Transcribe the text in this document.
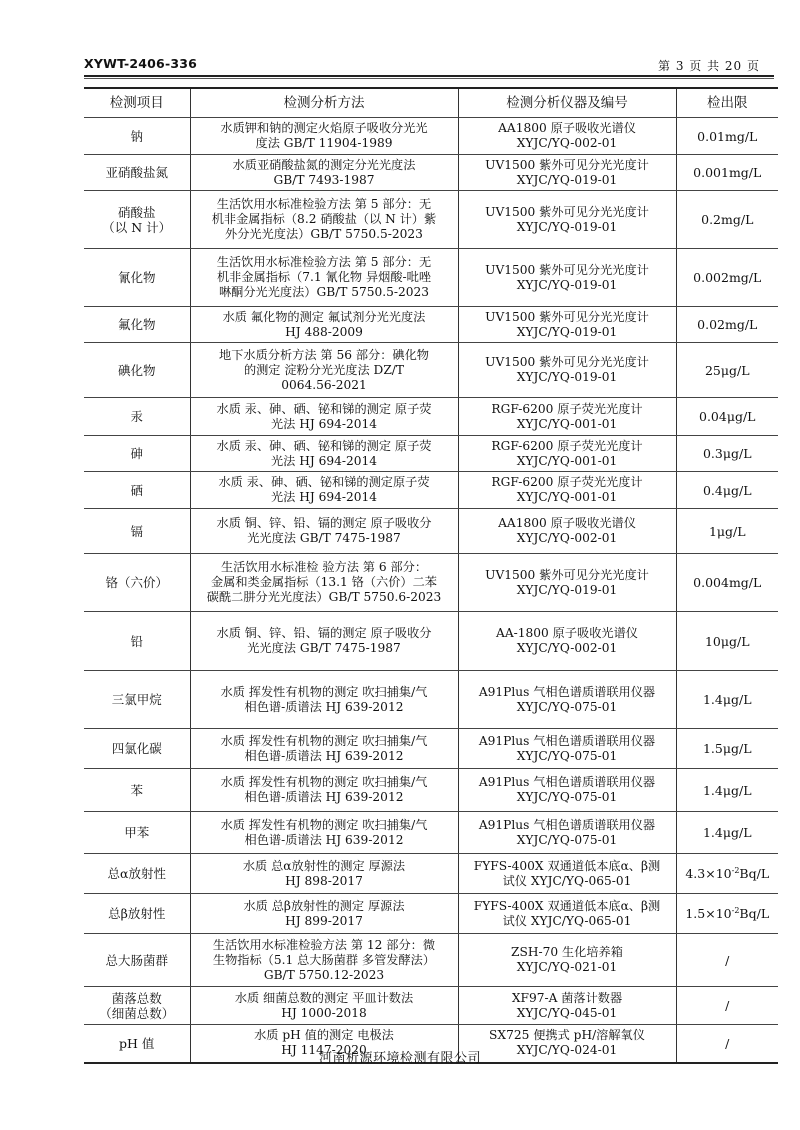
XYWT-2406-336	第 3 页 共 20 页
检测项目	检测分析方法	检测分析仪器及编号	检出限

钠	水质钾和钠的测定火焰原子吸收分光光
度法 GB/T 11904-1989	AA1800 原子吸收光谱仪
XYJC/YQ-002-01	0.01mg/L

亚硝酸盐氮	水质亚硝酸盐氮的测定分光光度法
GB/T 7493-1987	UV1500 紫外可见分光光度计
XYJC/YQ-019-01	0.001mg/L

硝酸盐
（以 N 计）	生活饮用水标准检验方法 第 5 部分：无
机非金属指标（8.2 硝酸盐（以 N 计）紫
外分光光度法）GB/T 5750.5-2023	UV1500 紫外可见分光光度计
XYJC/YQ-019-01	0.2mg/L

氰化物	生活饮用水标准检验方法 第 5 部分：无
机非金属指标（7.1 氰化物 异烟酸-吡唑
啉酮分光光度法）GB/T 5750.5-2023	UV1500 紫外可见分光光度计
XYJC/YQ-019-01	0.002mg/L

氟化物	水质 氟化物的测定 氟试剂分光光度法
HJ 488-2009	UV1500 紫外可见分光光度计
XYJC/YQ-019-01	0.02mg/L

碘化物	地下水质分析方法 第 56 部分：碘化物
的测定 淀粉分光光度法 DZ/T
0064.56-2021	UV1500 紫外可见分光光度计
XYJC/YQ-019-01	25μg/L

汞	水质 汞、砷、硒、铋和锑的测定 原子荧
光法 HJ 694-2014	RGF-6200 原子荧光光度计
XYJC/YQ-001-01	0.04μg/L

砷	水质 汞、砷、硒、铋和锑的测定 原子荧
光法 HJ 694-2014	RGF-6200 原子荧光光度计
XYJC/YQ-001-01	0.3μg/L

硒	水质 汞、砷、硒、铋和锑的测定原子荧
光法 HJ 694-2014	RGF-6200 原子荧光光度计
XYJC/YQ-001-01	0.4μg/L

镉	水质 铜、锌、铅、镉的测定 原子吸收分
光光度法 GB/T 7475-1987	AA1800 原子吸收光谱仪
XYJC/YQ-002-01	1μg/L

铬（六价）	生活饮用水标准检 验方法 第 6 部分：
金属和类金属指标（13.1 铬（六价）二苯
碳酰二肼分光光度法）GB/T 5750.6-2023	UV1500 紫外可见分光光度计
XYJC/YQ-019-01	0.004mg/L

铅	水质 铜、锌、铅、镉的测定 原子吸收分
光光度法 GB/T 7475-1987	AA-1800 原子吸收光谱仪
XYJC/YQ-002-01	10μg/L

三氯甲烷	水质 挥发性有机物的测定 吹扫捕集/气
相色谱-质谱法 HJ 639-2012	A91Plus 气相色谱质谱联用仪器
XYJC/YQ-075-01	1.4μg/L

四氯化碳	水质 挥发性有机物的测定 吹扫捕集/气
相色谱-质谱法 HJ 639-2012	A91Plus 气相色谱质谱联用仪器
XYJC/YQ-075-01	1.5μg/L

苯	水质 挥发性有机物的测定 吹扫捕集/气
相色谱-质谱法 HJ 639-2012	A91Plus 气相色谱质谱联用仪器
XYJC/YQ-075-01	1.4μg/L

甲苯	水质 挥发性有机物的测定 吹扫捕集/气
相色谱-质谱法 HJ 639-2012	A91Plus 气相色谱质谱联用仪器
XYJC/YQ-075-01	1.4μg/L

总α放射性	水质 总α放射性的测定 厚源法
HJ 898-2017	FYFS-400X 双通道低本底α、β测
试仪 XYJC/YQ-065-01	$4.3\times 10^{-2}Bq/L$

总β放射性	水质 总β放射性的测定 厚源法
HJ 899-2017	FYFS-400X 双通道低本底α、β测
试仪 XYJC/YQ-065-01	$1.5\times 10^{-2}Bq/L$

总大肠菌群	生活饮用水标准检验方法 第 12 部分：微
生物指标（5.1 总大肠菌群 多管发酵法）
GB/T 5750.12-2023	ZSH-70 生化培养箱
XYJC/YQ-021-01	/

菌落总数
（细菌总数）	水质 细菌总数的测定 平皿计数法
HJ 1000-2018	XF97-A 菌落计数器
XYJC/YQ-045-01	/

pH 值	水质 pH 值的测定 电极法
HJ 1147-2020	SX725 便携式 pH/溶解氧仪
XYJC/YQ-024-01	/
河南析源环境检测有限公司
